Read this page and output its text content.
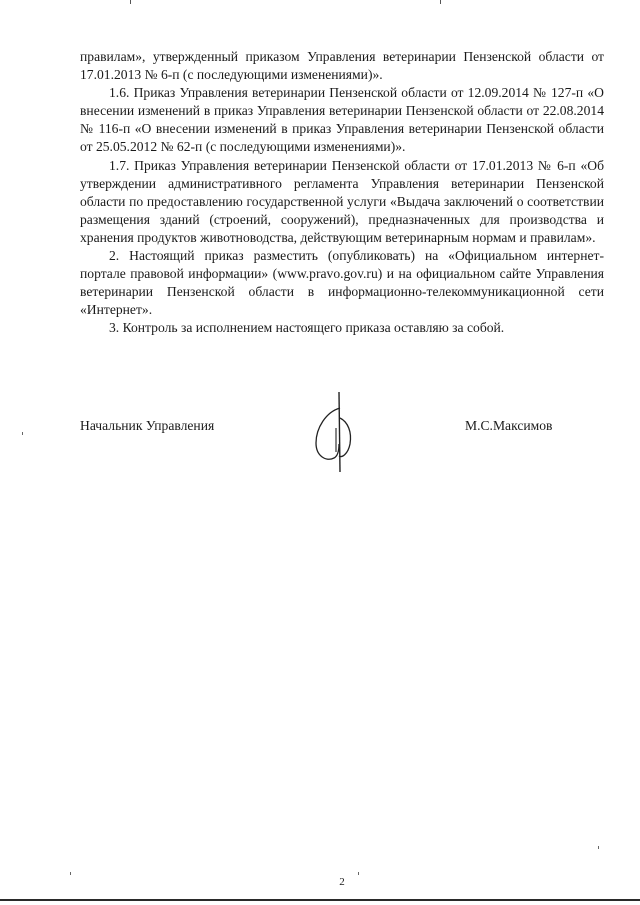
правилам», утвержденный приказом Управления ветеринарии Пензенской области от 17.01.2013 № 6-п (с последующими изменениями)».

1.6. Приказ Управления ветеринарии Пензенской области от 12.09.2014 № 127-п «О внесении изменений в приказ Управления ветеринарии Пензенской области от 22.08.2014 № 116-п «О внесении изменений в приказ Управления ветеринарии Пензенской области от 25.05.2012 № 62-п (с последующими изменениями)».

1.7. Приказ Управления ветеринарии Пензенской области от 17.01.2013 № 6-п «Об утверждении административного регламента Управления ветеринарии Пензенской области по предоставлению государственной услуги «Выдача заключений о соответствии размещения зданий (строений, сооружений), предназначенных для производства и хранения продуктов животноводства, действующим ветеринарным нормам и правилам».

2. Настоящий приказ разместить (опубликовать) на «Официальном интернет-портале правовой информации» (www.pravo.gov.ru) и на официальном сайте Управления ветеринарии Пензенской области в информационно-телекоммуникационной сети «Интернет».

3. Контроль за исполнением настоящего приказа оставляю за собой.

Начальник Управления	М.С.Максимов
2
